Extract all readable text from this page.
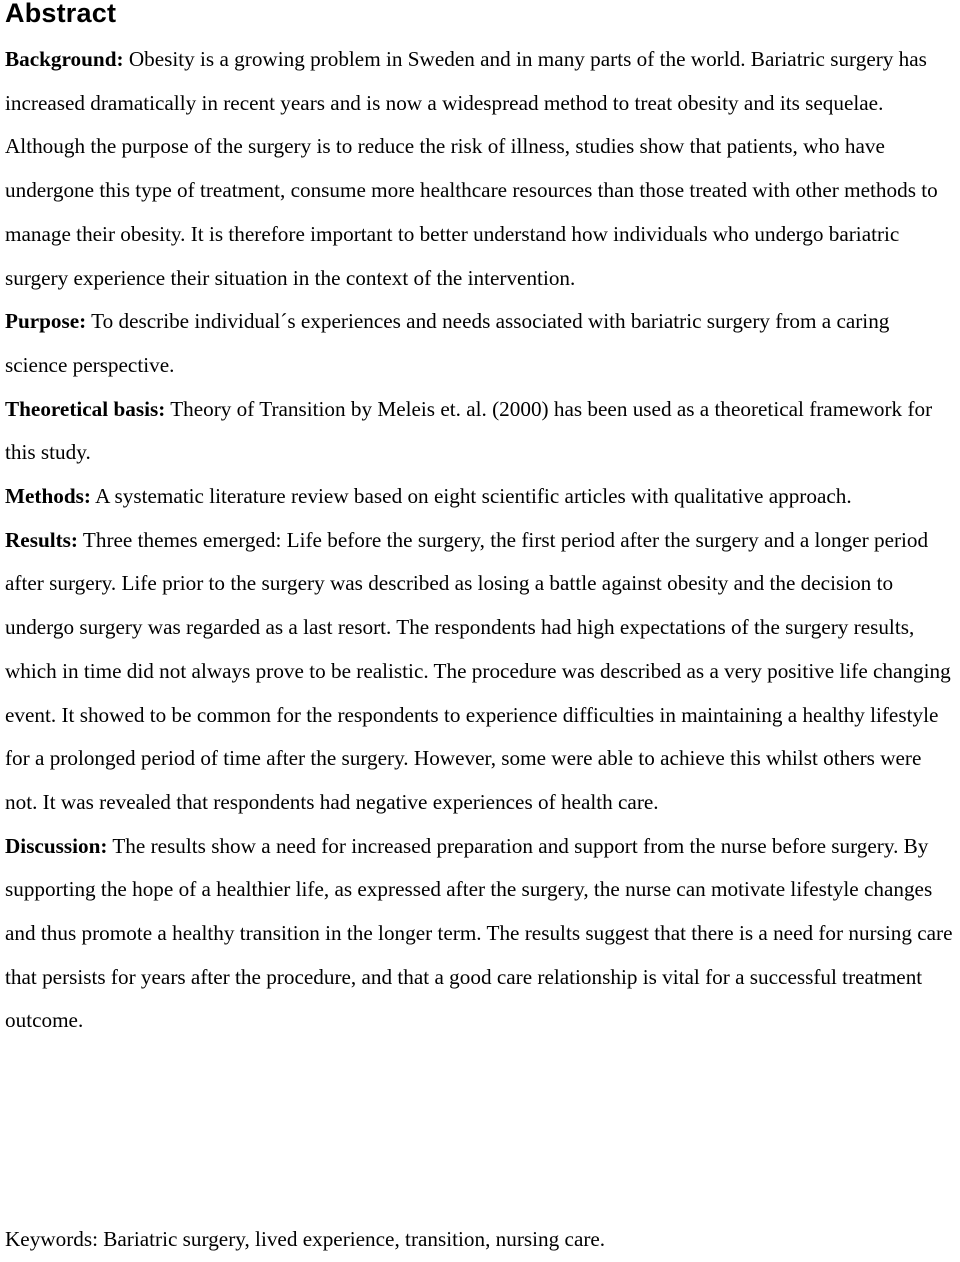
Abstract

Background: Obesity is a growing problem in Sweden and in many parts of the world. Bariatric surgery has increased dramatically in recent years and is now a widespread method to treat obesity and its sequelae. Although the purpose of the surgery is to reduce the risk of illness, studies show that patients, who have undergone this type of treatment, consume more healthcare resources than those treated with other methods to manage their obesity. It is therefore important to better understand how individuals who undergo bariatric surgery experience their situation in the context of the intervention.

Purpose: To describe individual´s experiences and needs associated with bariatric surgery from a caring science perspective.

Theoretical basis: Theory of Transition by Meleis et. al. (2000) has been used as a theoretical framework for this study.

Methods: A systematic literature review based on eight scientific articles with qualitative approach.

Results: Three themes emerged: Life before the surgery, the first period after the surgery and a longer period after surgery. Life prior to the surgery was described as losing a battle against obesity and the decision to undergo surgery was regarded as a last resort. The respondents had high expectations of the surgery results, which in time did not always prove to be realistic. The procedure was described as a very positive life changing event. It showed to be common for the respondents to experience difficulties in maintaining a healthy lifestyle for a prolonged period of time after the surgery. However, some were able to achieve this whilst others were not. It was revealed that respondents had negative experiences of health care.

Discussion: The results show a need for increased preparation and support from the nurse before surgery. By supporting the hope of a healthier life, as expressed after the surgery, the nurse can motivate lifestyle changes and thus promote a healthy transition in the longer term. The results suggest that there is a need for nursing care that persists for years after the procedure, and that a good care relationship is vital for a successful treatment outcome.

Keywords: Bariatric surgery, lived experience, transition, nursing care.
